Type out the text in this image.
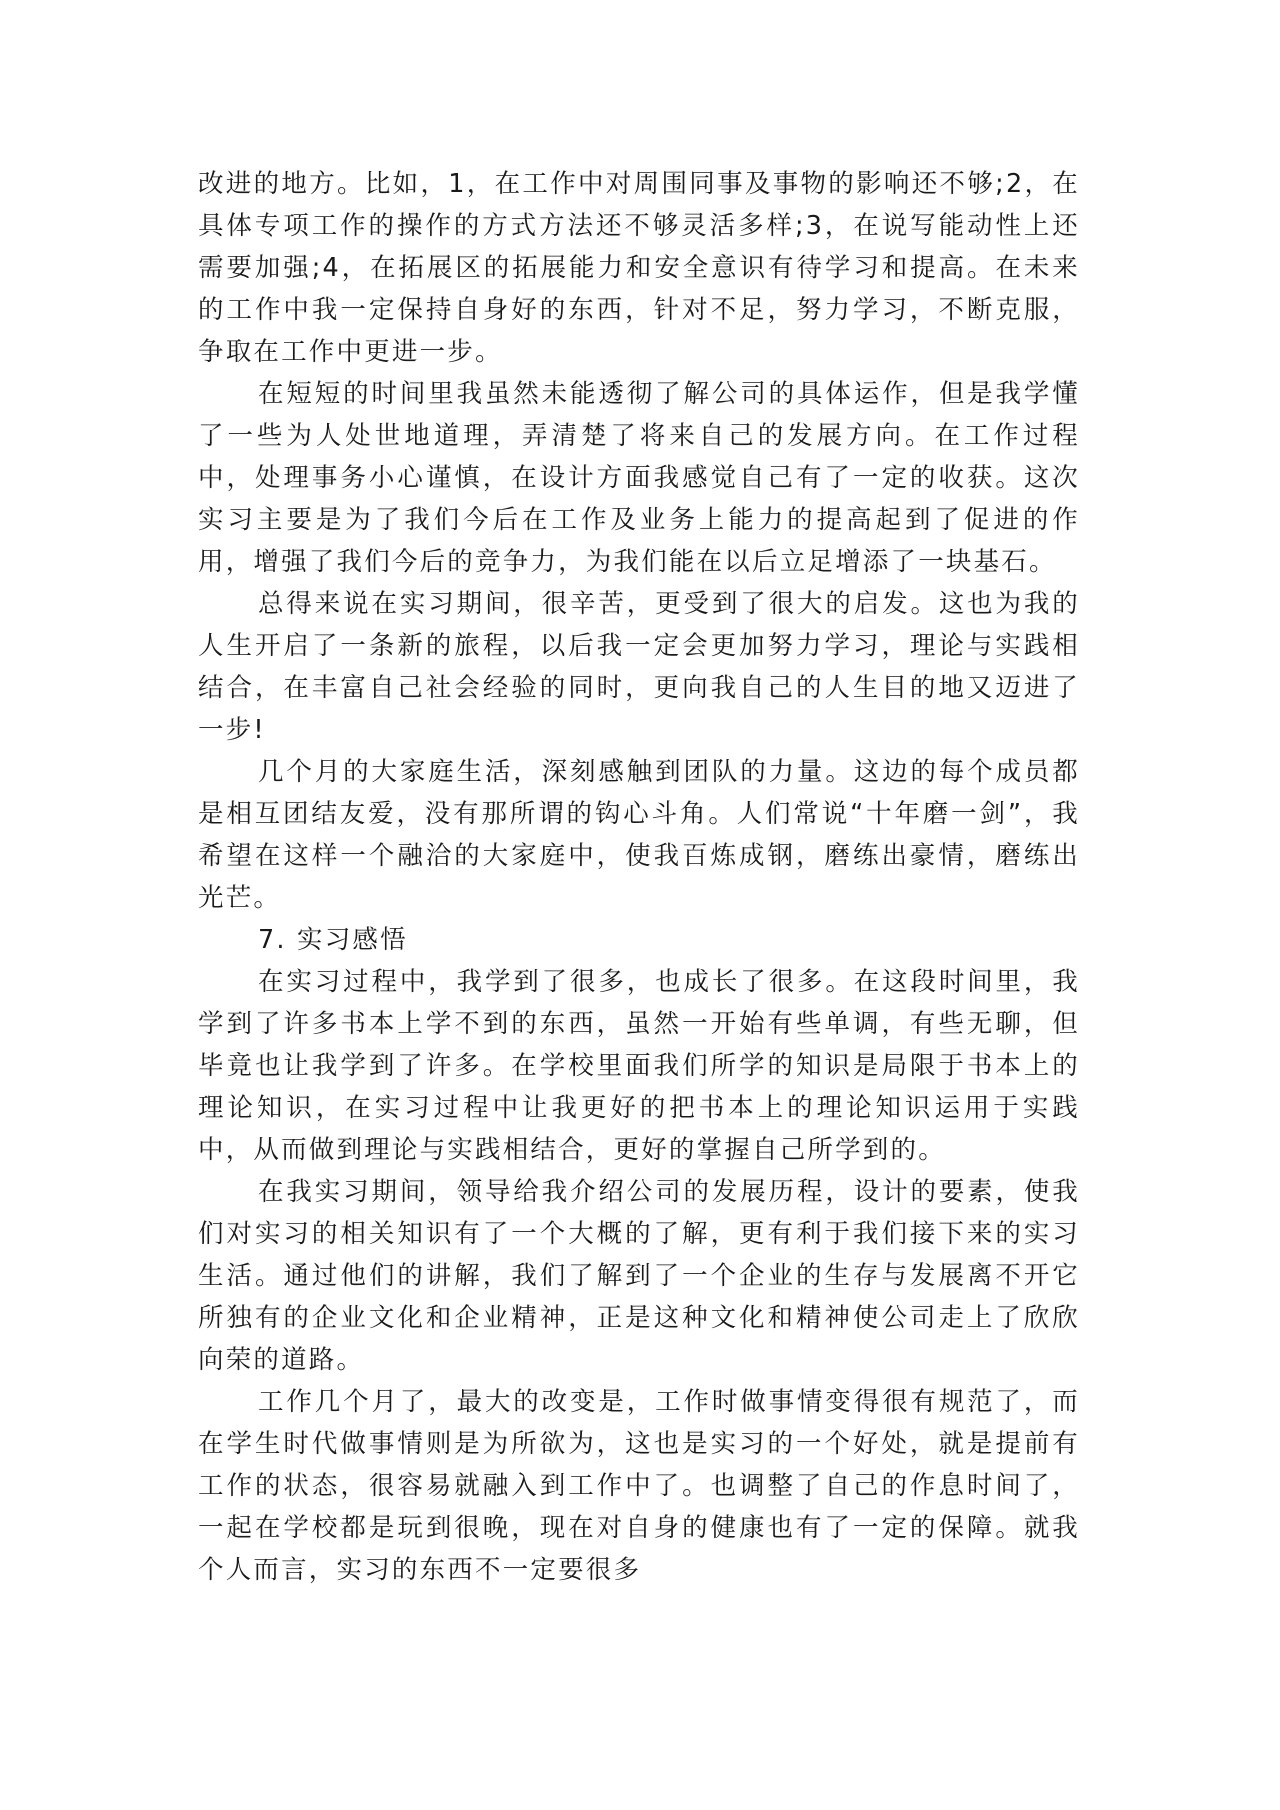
改进的地方。比如，1，在工作中对周围同事及事物的影响还不够;2，在具体专项工作的操作的方式方法还不够灵活多样;3，在说写能动性上还需要加强;4，在拓展区的拓展能力和安全意识有待学习和提高。在未来的工作中我一定保持自身好的东西，针对不足，努力学习，不断克服，争取在工作中更进一步。

在短短的时间里我虽然未能透彻了解公司的具体运作，但是我学懂了一些为人处世地道理，弄清楚了将来自己的发展方向。在工作过程中，处理事务小心谨慎，在设计方面我感觉自己有了一定的收获。这次实习主要是为了我们今后在工作及业务上能力的提高起到了促进的作用，增强了我们今后的竞争力，为我们能在以后立足增添了一块基石。

总得来说在实习期间，很辛苦，更受到了很大的启发。这也为我的人生开启了一条新的旅程，以后我一定会更加努力学习，理论与实践相结合，在丰富自己社会经验的同时，更向我自己的人生目的地又迈进了一步!

几个月的大家庭生活，深刻感触到团队的力量。这边的每个成员都是相互团结友爱，没有那所谓的钩心斗角。人们常说“十年磨一剑”，我希望在这样一个融洽的大家庭中，使我百炼成钢，磨练出豪情，磨练出光芒。

7. 实习感悟

在实习过程中，我学到了很多，也成长了很多。在这段时间里，我学到了许多书本上学不到的东西，虽然一开始有些单调，有些无聊，但毕竟也让我学到了许多。在学校里面我们所学的知识是局限于书本上的理论知识，在实习过程中让我更好的把书本上的理论知识运用于实践中，从而做到理论与实践相结合，更好的掌握自己所学到的。

在我实习期间，领导给我介绍公司的发展历程，设计的要素，使我们对实习的相关知识有了一个大概的了解，更有利于我们接下来的实习生活。通过他们的讲解，我们了解到了一个企业的生存与发展离不开它所独有的企业文化和企业精神，正是这种文化和精神使公司走上了欣欣向荣的道路。

工作几个月了，最大的改变是，工作时做事情变得很有规范了，而在学生时代做事情则是为所欲为，这也是实习的一个好处，就是提前有工作的状态，很容易就融入到工作中了。也调整了自己的作息时间了，一起在学校都是玩到很晚，现在对自身的健康也有了一定的保障。就我个人而言，实习的东西不一定要很多
